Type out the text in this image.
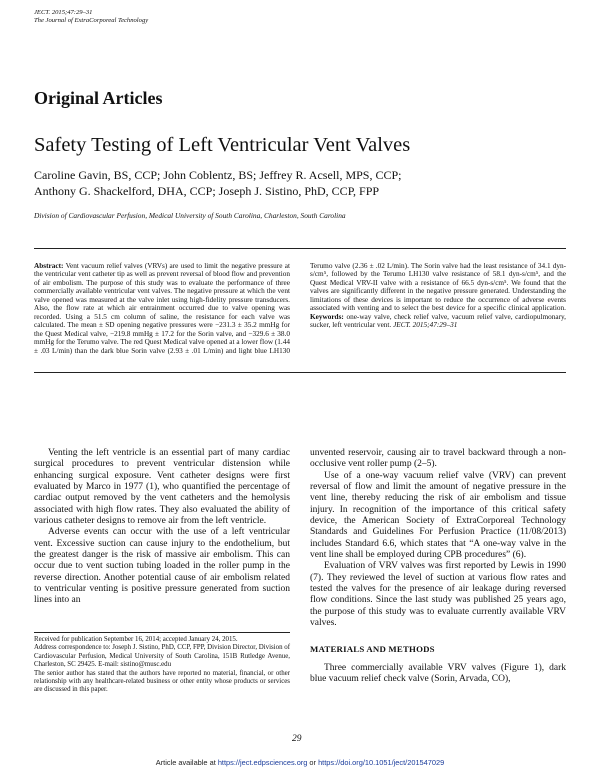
JECT. 2015;47:29–31
The Journal of ExtraCorporeal Technology
Original Articles
Safety Testing of Left Ventricular Vent Valves
Caroline Gavin, BS, CCP; John Coblentz, BS; Jeffrey R. Acsell, MPS, CCP;
Anthony G. Shackelford, DHA, CCP; Joseph J. Sistino, PhD, CCP, FPP
Division of Cardiovascular Perfusion, Medical University of South Carolina, Charleston, South Carolina
Abstract: Vent vacuum relief valves (VRVs) are used to limit the negative pressure at the ventricular vent catheter tip as well as prevent reversal of blood flow and prevention of air embolism. The purpose of this study was to evaluate the performance of three commercially available ventricular vent valves. The negative pressure at which the vent valve opened was measured at the valve inlet using high-fidelity pressure transducers. Also, the flow rate at which air entrainment occurred due to valve opening was recorded. Using a 51.5 cm column of saline, the resistance for each valve was calculated. The mean ± SD opening negative pressures were −231.3 ± 35.2 mmHg for the Quest Medical valve, −219.8 mmHg ± 17.2 for the Sorin valve, and −329.6 ± 38.0 mmHg for the Terumo valve. The red Quest Medical valve opened at a lower flow (1.44 ± .03 L/min) than the dark blue Sorin valve (2.93 ± .01 L/min) and light blue LH130 Terumo valve (2.36 ± .02 L/min). The Sorin valve had the least resistance of 34.1 dyn-s/cm⁵, followed by the Terumo LH130 valve resistance of 58.1 dyn-s/cm⁵, and the Quest Medical VRV-II valve with a resistance of 66.5 dyn-s/cm⁵. We found that the valves are significantly different in the negative pressure generated. Understanding the limitations of these devices is important to reduce the occurrence of adverse events associated with venting and to select the best device for a specific clinical application. Keywords: one-way valve, check relief valve, vacuum relief valve, cardiopulmonary, sucker, left ventricular vent. JECT. 2015;47:29–31

Venting the left ventricle is an essential part of many cardiac surgical procedures to prevent ventricular distension while enhancing surgical exposure. Vent catheter designs were first evaluated by Marco in 1977 (1), who quantified the percentage of cardiac output removed by the vent catheters and the hemolysis associated with high flow rates. They also evaluated the ability of various catheter designs to remove air from the left ventricle.

Adverse events can occur with the use of a left ventricular vent. Excessive suction can cause injury to the endothelium, but the greatest danger is the risk of massive air embolism. This can occur due to vent suction tubing loaded in the roller pump in the reverse direction. Another potential cause of air embolism related to ventricular venting is positive pressure generated from suction lines into an

unvented reservoir, causing air to travel backward through a non-occlusive vent roller pump (2–5).

Use of a one-way vacuum relief valve (VRV) can prevent reversal of flow and limit the amount of negative pressure in the vent line, thereby reducing the risk of air embolism and tissue injury. In recognition of the importance of this critical safety device, the American Society of ExtraCorporeal Technology Standards and Guidelines For Perfusion Practice (11/08/2013) includes Standard 6.6, which states that “A one-way valve in the vent line shall be employed during CPB procedures” (6).

Evaluation of VRV valves was first reported by Lewis in 1990 (7). They reviewed the level of suction at various flow rates and tested the valves for the presence of air leakage during reversed flow conditions. Since the last study was published 25 years ago, the purpose of this study was to evaluate currently available VRV valves.

MATERIALS AND METHODS

Three commercially available VRV valves (Figure 1), dark blue vacuum relief check valve (Sorin, Arvada, CO),

Received for publication September 16, 2014; accepted January 24, 2015.

Address correspondence to: Joseph J. Sistino, PhD, CCP, FPP, Division Director, Division of Cardiovascular Perfusion, Medical University of South Carolina, 151B Rutledge Avenue, Charleston, SC 29425. E-mail: sistino@musc.edu

The senior author has stated that the authors have reported no material, financial, or other relationship with any healthcare-related business or other entity whose products or services are discussed in this paper.

29
Article available at https://ject.edpsciences.org or https://doi.org/10.1051/ject/201547029
